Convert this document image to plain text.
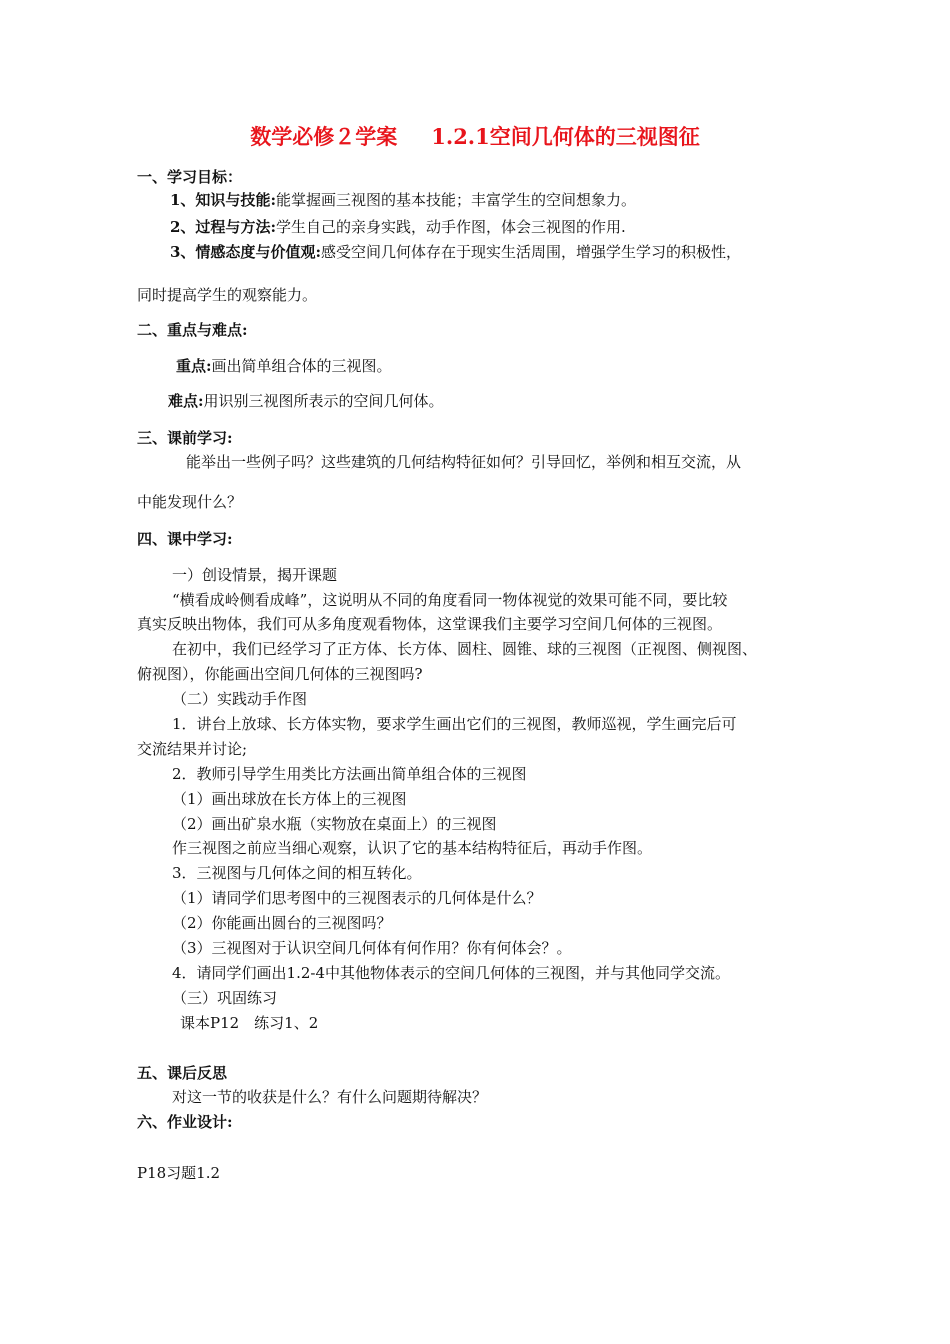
数学必修２学案 1.2.1空间几何体的三视图征
一、学习目标：
1、知识与技能:能掌握画三视图的基本技能；丰富学生的空间想象力。
2、过程与方法:学生自己的亲身实践，动手作图，体会三视图的作用.
3、情感态度与价值观:感受空间几何体存在于现实生活周围，增强学生学习的积极性，
同时提高学生的观察能力。
二、重点与难点:
重点:画出简单组合体的三视图。
难点:用识别三视图所表示的空间几何体。
三、课前学习:
能举出一些例子吗？这些建筑的几何结构特征如何？引导回忆，举例和相互交流，从
中能发现什么？
四、课中学习:
一）创设情景，揭开课题
“横看成岭侧看成峰”，这说明从不同的角度看同一物体视觉的效果可能不同，要比较
真实反映出物体，我们可从多角度观看物体，这堂课我们主要学习空间几何体的三视图。
在初中，我们已经学习了正方体、长方体、圆柱、圆锥、球的三视图（正视图、侧视图、
俯视图），你能画出空间几何体的三视图吗?
（二）实践动手作图
1．讲台上放球、长方体实物，要求学生画出它们的三视图，教师巡视，学生画完后可
交流结果并讨论;
2．教师引导学生用类比方法画出简单组合体的三视图
（1）画出球放在长方体上的三视图
（2）画出矿泉水瓶（实物放在桌面上）的三视图
作三视图之前应当细心观察，认识了它的基本结构特征后，再动手作图。
3．三视图与几何体之间的相互转化。
（1）请同学们思考图中的三视图表示的几何体是什么？
（2）你能画出圆台的三视图吗？
（3）三视图对于认识空间几何体有何作用？你有何体会？。
4．请同学们画出1.2-4中其他物体表示的空间几何体的三视图，并与其他同学交流。
（三）巩固练习
课本P12　练习1、2
五、课后反思
对这一节的收获是什么？有什么问题期待解决？
六、作业设计:
P18习题1.2
